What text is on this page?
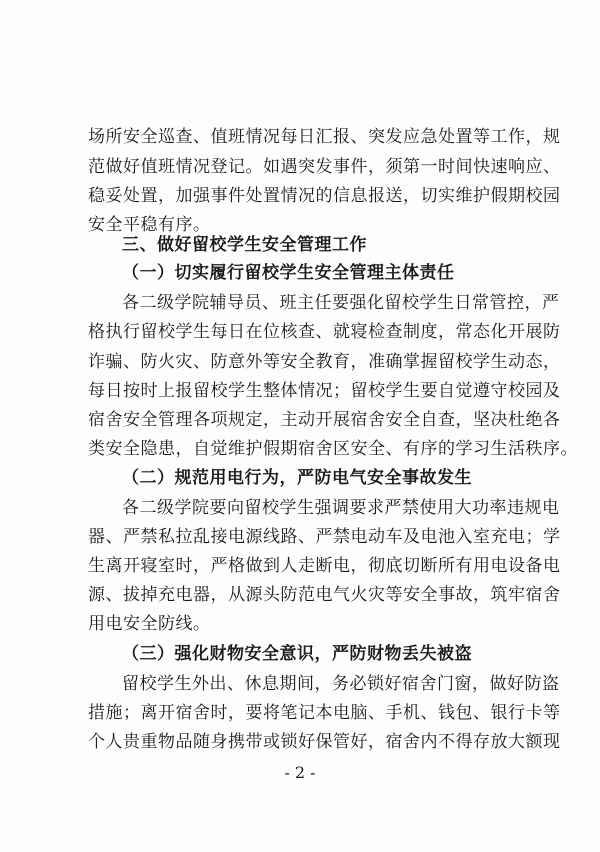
场所安全巡查、值班情况每日汇报、突发应急处置等工作，规
范做好值班情况登记。如遇突发事件，须第一时间快速响应、
稳妥处置，加强事件处置情况的信息报送，切实维护假期校园
安全平稳有序。
三、做好留校学生安全管理工作
（一）切实履行留校学生安全管理主体责任
各二级学院辅导员、班主任要强化留校学生日常管控，严
格执行留校学生每日在位核查、就寝检查制度，常态化开展防
诈骗、防火灾、防意外等安全教育，准确掌握留校学生动态，
每日按时上报留校学生整体情况；留校学生要自觉遵守校园及
宿舍安全管理各项规定，主动开展宿舍安全自查，坚决杜绝各
类安全隐患，自觉维护假期宿舍区安全、有序的学习生活秩序。
（二）规范用电行为，严防电气安全事故发生
各二级学院要向留校学生强调要求严禁使用大功率违规电
器、严禁私拉乱接电源线路、严禁电动车及电池入室充电；学
生离开寝室时，严格做到人走断电，彻底切断所有用电设备电
源、拔掉充电器，从源头防范电气火灾等安全事故，筑牢宿舍
用电安全防线。
（三）强化财物安全意识，严防财物丢失被盗
留校学生外出、休息期间，务必锁好宿舍门窗，做好防盗
措施；离开宿舍时，要将笔记本电脑、手机、钱包、银行卡等
个人贵重物品随身携带或锁好保管好，宿舍内不得存放大额现
- 2 -
